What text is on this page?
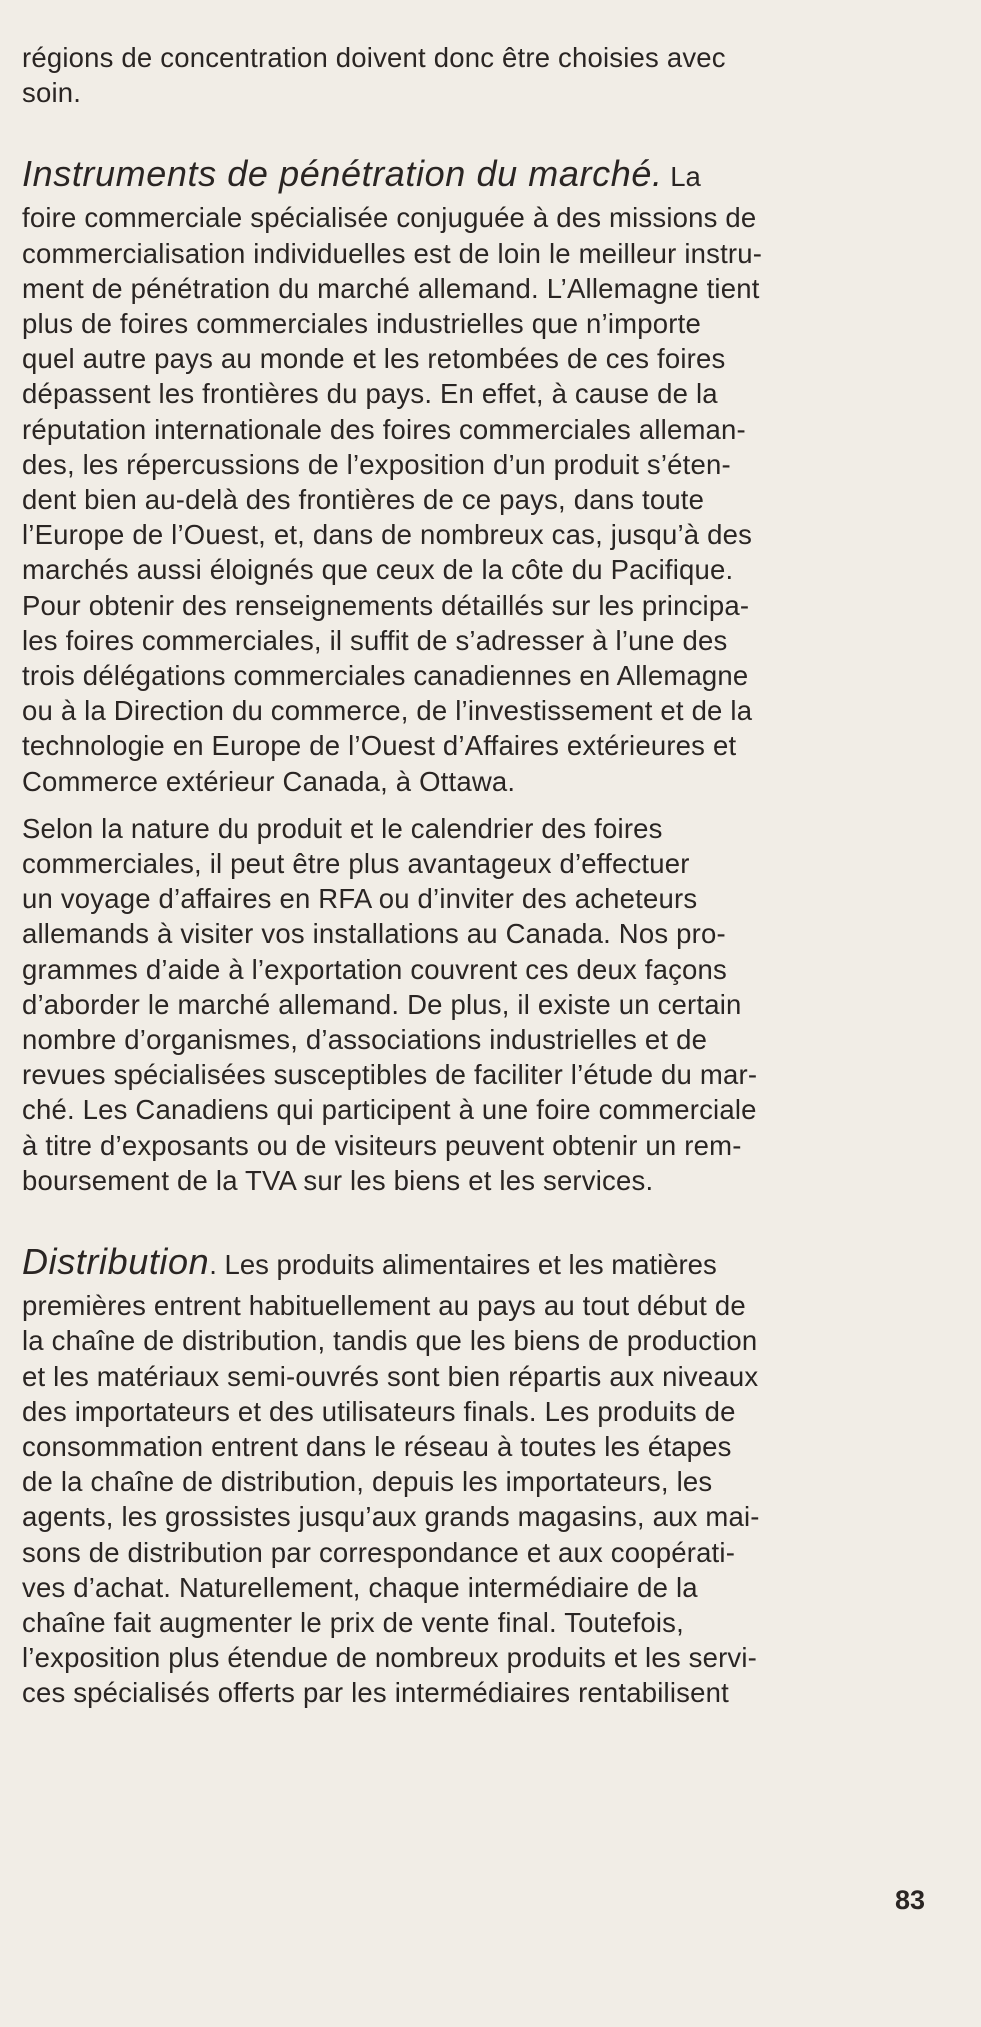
régions de concentration doivent donc être choisies avec
soin.
Instruments de pénétration du marché. La
foire commerciale spécialisée conjuguée à des missions de
commercialisation individuelles est de loin le meilleur instru-
ment de pénétration du marché allemand. L’Allemagne tient
plus de foires commerciales industrielles que n’importe
quel autre pays au monde et les retombées de ces foires
dépassent les frontières du pays. En effet, à cause de la
réputation internationale des foires commerciales alleman-
des, les répercussions de l’exposition d’un produit s’éten-
dent bien au-delà des frontières de ce pays, dans toute
l’Europe de l’Ouest, et, dans de nombreux cas, jusqu’à des
marchés aussi éloignés que ceux de la côte du Pacifique.
Pour obtenir des renseignements détaillés sur les principa-
les foires commerciales, il suffit de s’adresser à l’une des
trois délégations commerciales canadiennes en Allemagne
ou à la Direction du commerce, de l’investissement et de la
technologie en Europe de l’Ouest d’Affaires extérieures et
Commerce extérieur Canada, à Ottawa.
Selon la nature du produit et le calendrier des foires
commerciales, il peut être plus avantageux d’effectuer
un voyage d’affaires en RFA ou d’inviter des acheteurs
allemands à visiter vos installations au Canada. Nos pro-
grammes d’aide à l’exportation couvrent ces deux façons
d’aborder le marché allemand. De plus, il existe un certain
nombre d’organismes, d’associations industrielles et de
revues spécialisées susceptibles de faciliter l’étude du mar-
ché. Les Canadiens qui participent à une foire commerciale
à titre d’exposants ou de visiteurs peuvent obtenir un rem-
boursement de la TVA sur les biens et les services.
Distribution. Les produits alimentaires et les matières
premières entrent habituellement au pays au tout début de
la chaîne de distribution, tandis que les biens de production
et les matériaux semi-ouvrés sont bien répartis aux niveaux
des importateurs et des utilisateurs finals. Les produits de
consommation entrent dans le réseau à toutes les étapes
de la chaîne de distribution, depuis les importateurs, les
agents, les grossistes jusqu’aux grands magasins, aux mai-
sons de distribution par correspondance et aux coopérati-
ves d’achat. Naturellement, chaque intermédiaire de la
chaîne fait augmenter le prix de vente final. Toutefois,
l’exposition plus étendue de nombreux produits et les servi-
ces spécialisés offerts par les intermédiaires rentabilisent
83
